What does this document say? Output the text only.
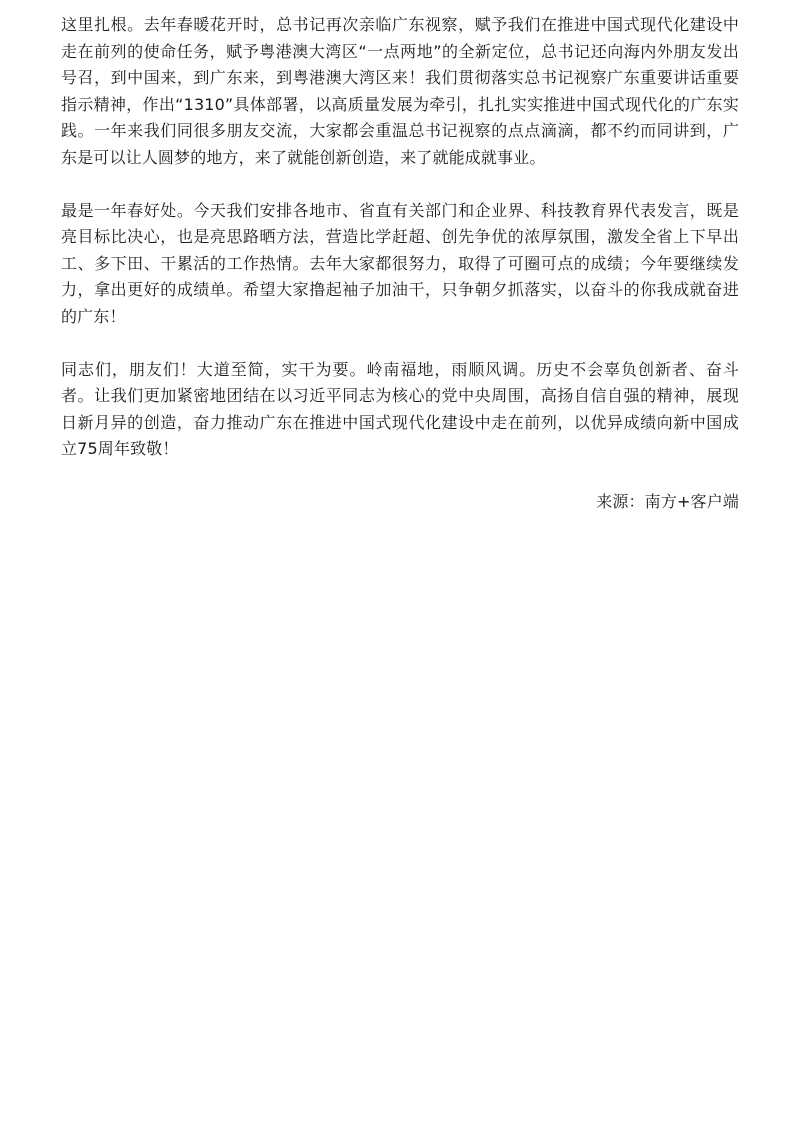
这里扎根。去年春暖花开时，总书记再次亲临广东视察，赋予我们在推进中国式现代化建设中走在前列的使命任务，赋予粤港澳大湾区“一点两地”的全新定位，总书记还向海内外朋友发出号召，到中国来，到广东来，到粤港澳大湾区来！我们贯彻落实总书记视察广东重要讲话重要指示精神，作出“1310”具体部署，以高质量发展为牵引，扎扎实实推进中国式现代化的广东实践。一年来我们同很多朋友交流，大家都会重温总书记视察的点点滴滴，都不约而同讲到，广东是可以让人圆梦的地方，来了就能创新创造，来了就能成就事业。

最是一年春好处。今天我们安排各地市、省直有关部门和企业界、科技教育界代表发言，既是亮目标比决心，也是亮思路晒方法，营造比学赶超、创先争优的浓厚氛围，激发全省上下早出工、多下田、干累活的工作热情。去年大家都很努力，取得了可圈可点的成绩；今年要继续发力，拿出更好的成绩单。希望大家撸起袖子加油干，只争朝夕抓落实，以奋斗的你我成就奋进的广东！

同志们，朋友们！大道至简，实干为要。岭南福地，雨顺风调。历史不会辜负创新者、奋斗者。让我们更加紧密地团结在以习近平同志为核心的党中央周围，高扬自信自强的精神，展现日新月异的创造，奋力推动广东在推进中国式现代化建设中走在前列，以优异成绩向新中国成立75周年致敬！

来源：南方+客户端
